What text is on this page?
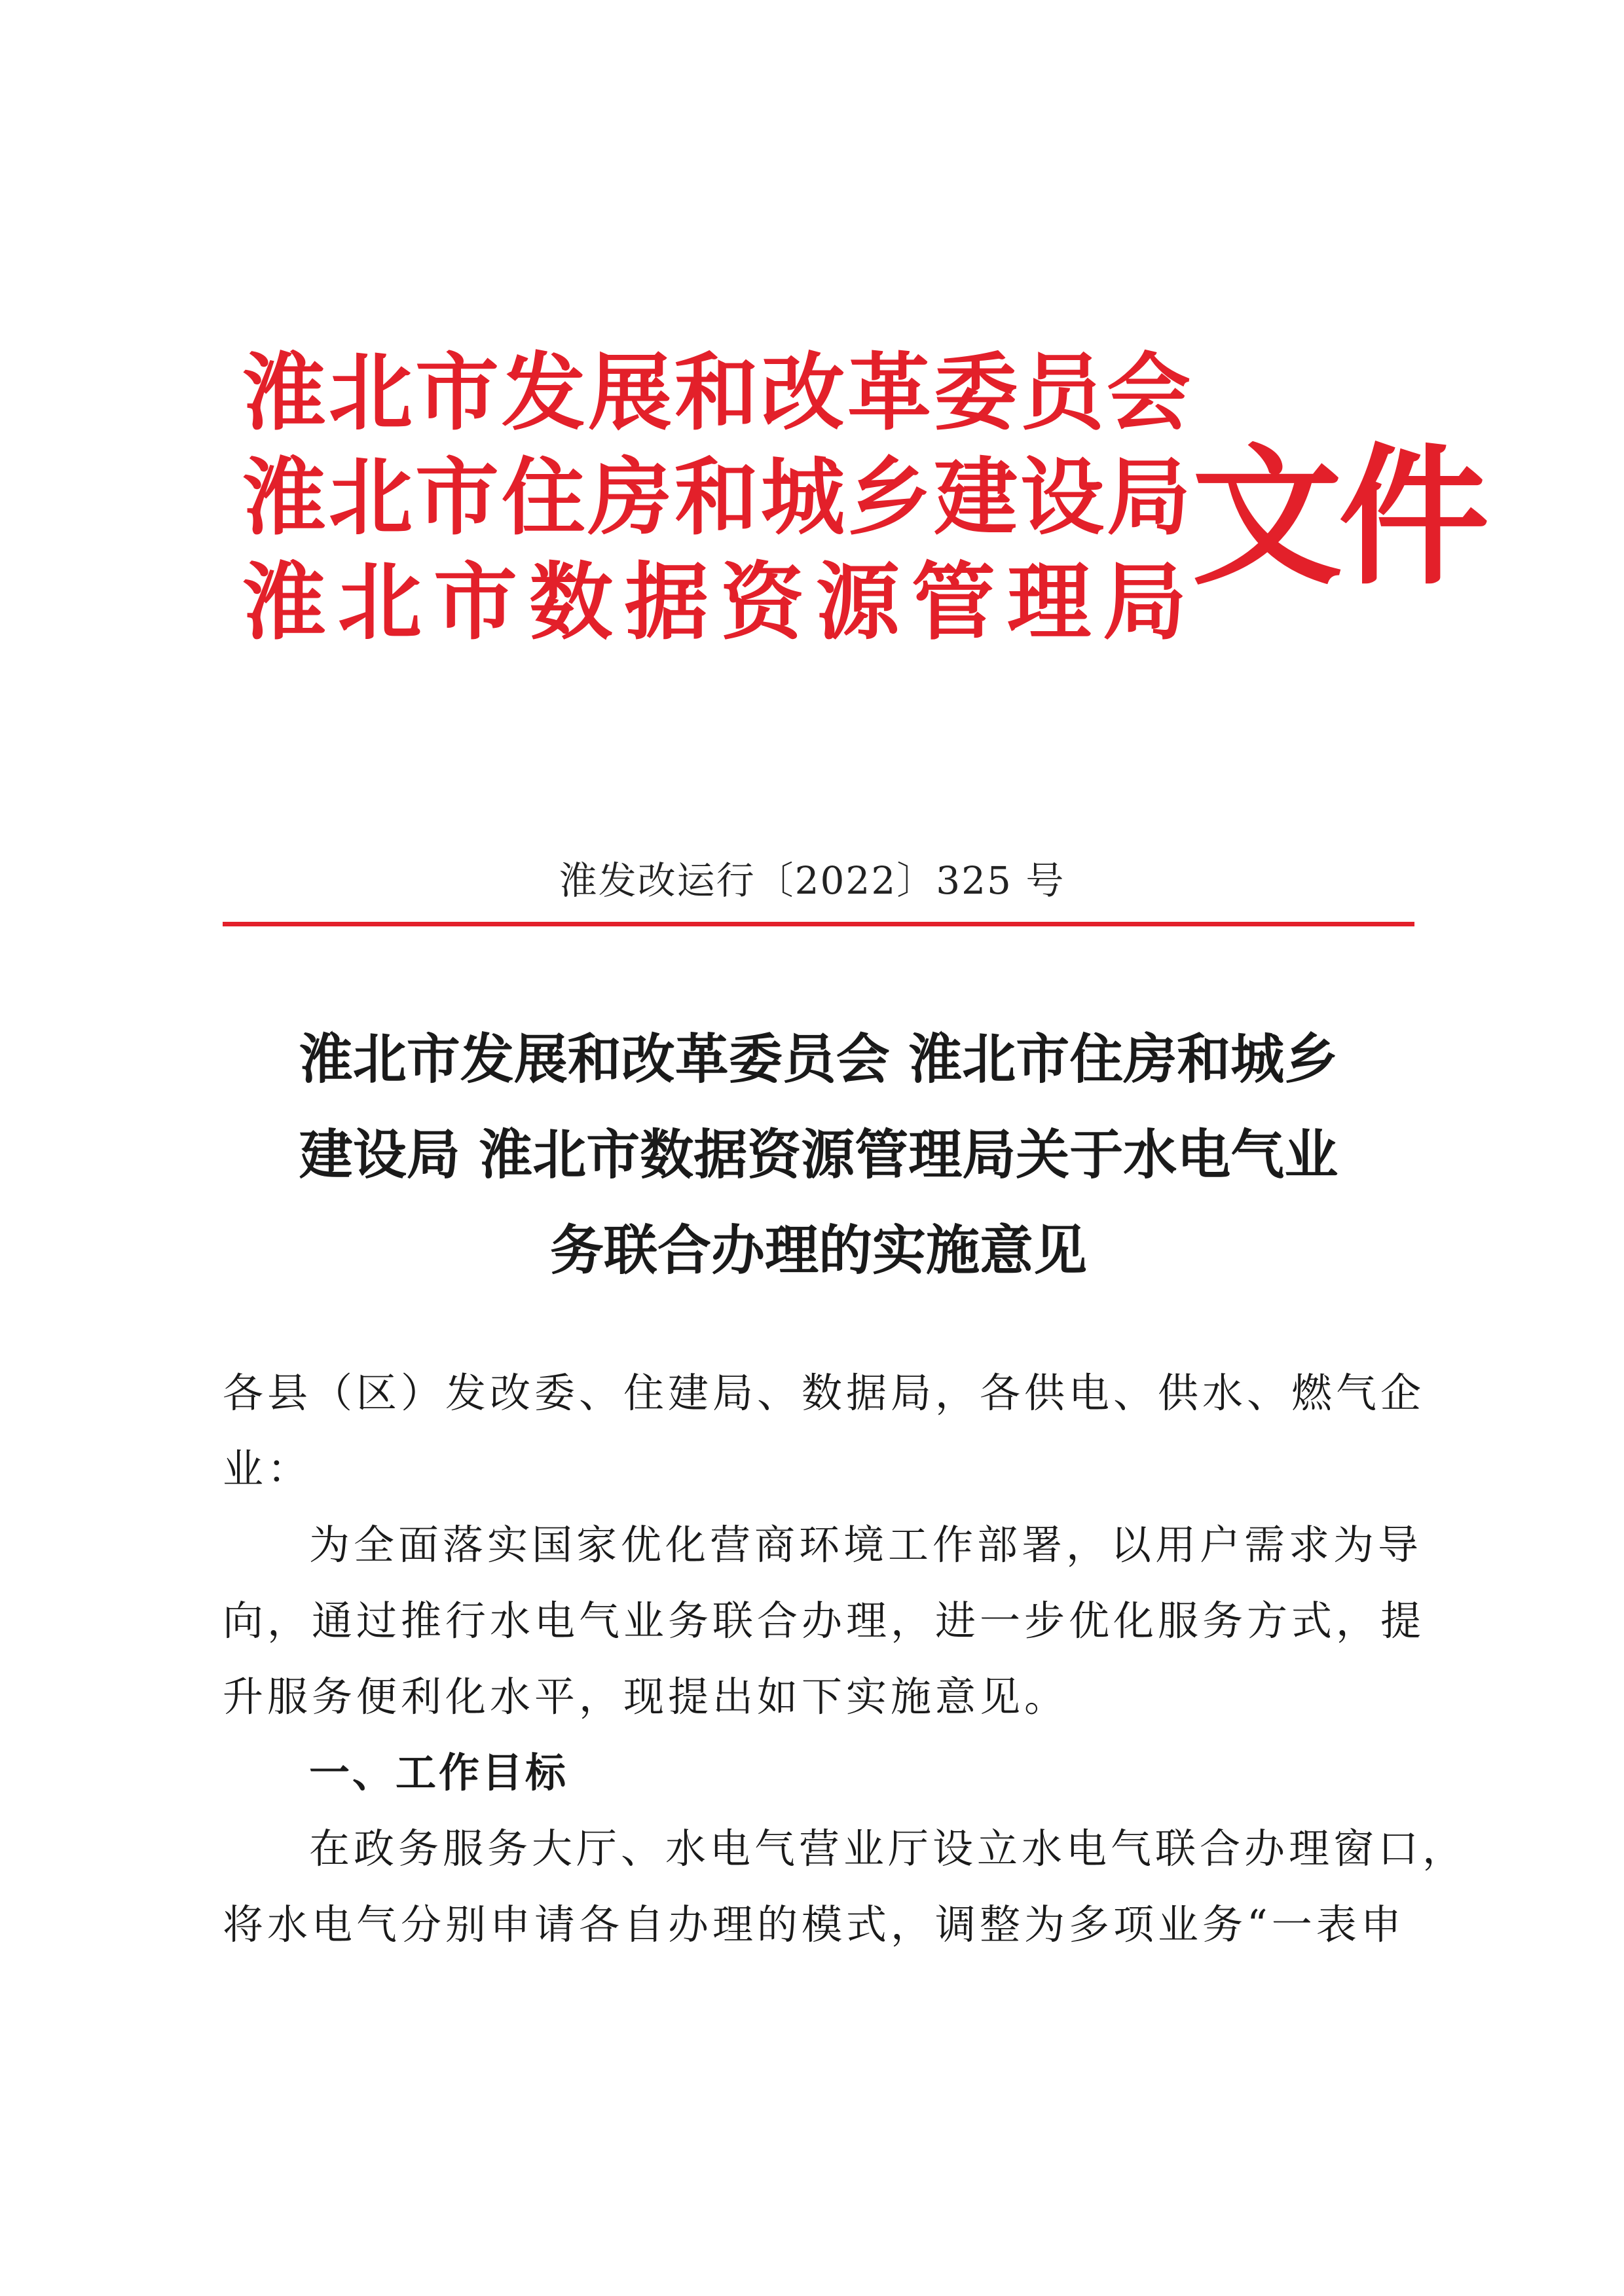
淮北市发展和改革委员会
淮北市住房和城乡建设局
淮北市数据资源管理局
文件
淮发改运行〔2022〕325 号
淮北市发展和改革委员会 淮北市住房和城乡
建设局 淮北市数据资源管理局关于水电气业
务联合办理的实施意见
各县（区）发改委、住建局、数据局，各供电、供水、燃气企
业：
为全面落实国家优化营商环境工作部署，以用户需求为导
向，通过推行水电气业务联合办理，进一步优化服务方式，提
升服务便利化水平，现提出如下实施意见。
一、工作目标
在政务服务大厅、水电气营业厅设立水电气联合办理窗口，
将水电气分别申请各自办理的模式，调整为多项业务“一表申
